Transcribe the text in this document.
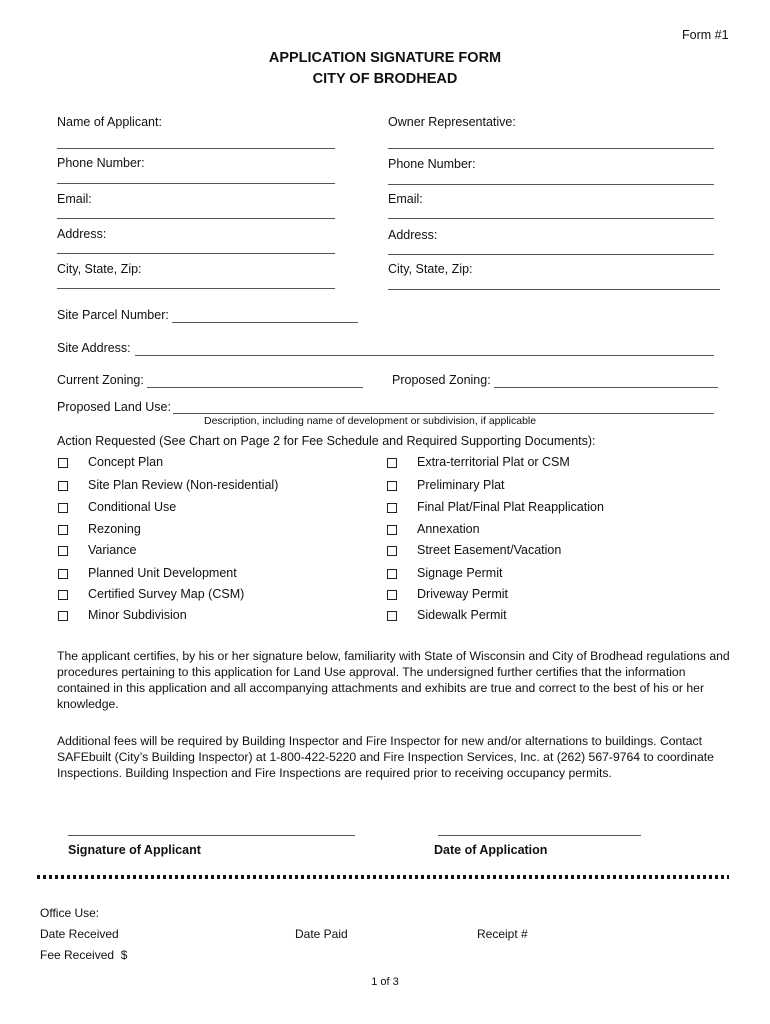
Form #1
APPLICATION SIGNATURE FORM
CITY OF BRODHEAD
Name of Applicant:
Phone Number:
Email:
Address:
City, State, Zip:
Owner Representative:
Phone Number:
Email:
Address:
City, State, Zip:
Site Parcel Number:
Site Address:
Current Zoning:	Proposed Zoning:
Proposed Land Use:
Description, including name of development or subdivision, if applicable
Action Requested (See Chart on Page 2 for Fee Schedule and Required Supporting Documents):
Concept Plan
Site Plan Review (Non-residential)
Conditional Use
Rezoning
Variance
Planned Unit Development
Certified Survey Map (CSM)
Minor Subdivision
Extra-territorial Plat or CSM
Preliminary Plat
Final Plat/Final Plat Reapplication
Annexation
Street Easement/Vacation
Signage Permit
Driveway Permit
Sidewalk Permit
The applicant certifies, by his or her signature below, familiarity with State of Wisconsin and City of Brodhead regulations and procedures pertaining to this application for Land Use approval. The undersigned further certifies that the information contained in this application and all accompanying attachments and exhibits are true and correct to the best of his or her knowledge.
Additional fees will be required by Building Inspector and Fire Inspector for new and/or alternations to buildings. Contact SAFEbuilt (City’s Building Inspector) at 1-800-422-5220 and Fire Inspection Services, Inc. at (262) 567-9764 to coordinate Inspections. Building Inspection and Fire Inspections are required prior to receiving occupancy permits.
Signature of Applicant	Date of Application
Office Use:
Date Received	Date Paid	Receipt #
Fee Received  $
1 of 3
